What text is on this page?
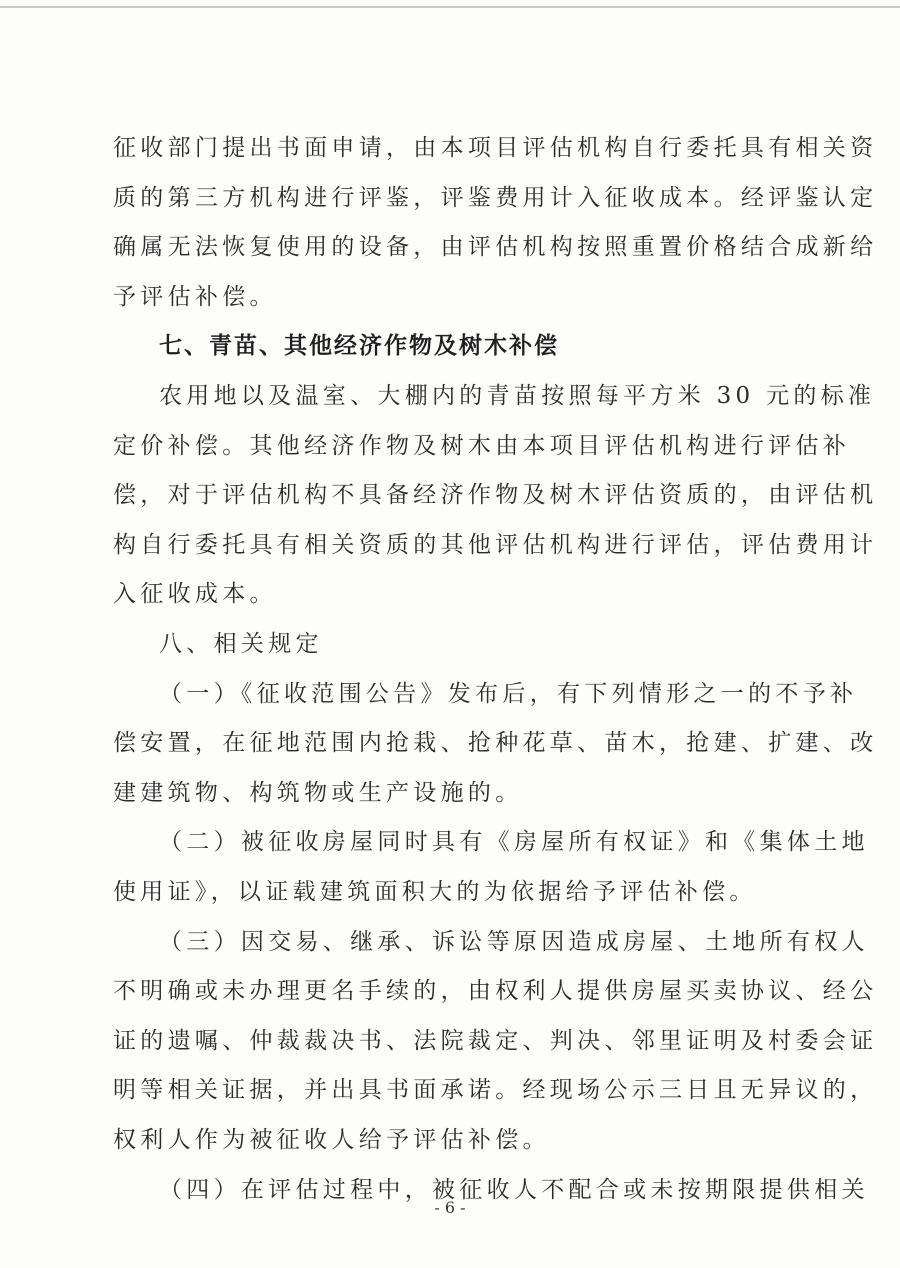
征收部门提出书面申请，由本项目评估机构自行委托具有相关资
质的第三方机构进行评鉴，评鉴费用计入征收成本。经评鉴认定
确属无法恢复使用的设备，由评估机构按照重置价格结合成新给
予评估补偿。
七、青苗、其他经济作物及树木补偿
农用地以及温室、大棚内的青苗按照每平方米 30 元的标准
定价补偿。其他经济作物及树木由本项目评估机构进行评估补
偿，对于评估机构不具备经济作物及树木评估资质的，由评估机
构自行委托具有相关资质的其他评估机构进行评估，评估费用计
入征收成本。
八、相关规定
（一）《征收范围公告》发布后，有下列情形之一的不予补
偿安置，在征地范围内抢栽、抢种花草、苗木，抢建、扩建、改
建建筑物、构筑物或生产设施的。
（二）被征收房屋同时具有《房屋所有权证》和《集体土地
使用证》，以证载建筑面积大的为依据给予评估补偿。
（三）因交易、继承、诉讼等原因造成房屋、土地所有权人
不明确或未办理更名手续的，由权利人提供房屋买卖协议、经公
证的遗嘱、仲裁裁决书、法院裁定、判决、邻里证明及村委会证
明等相关证据，并出具书面承诺。经现场公示三日且无异议的，
权利人作为被征收人给予评估补偿。
- 6 -
（四）在评估过程中，被征收人不配合或未按期限提供相关
